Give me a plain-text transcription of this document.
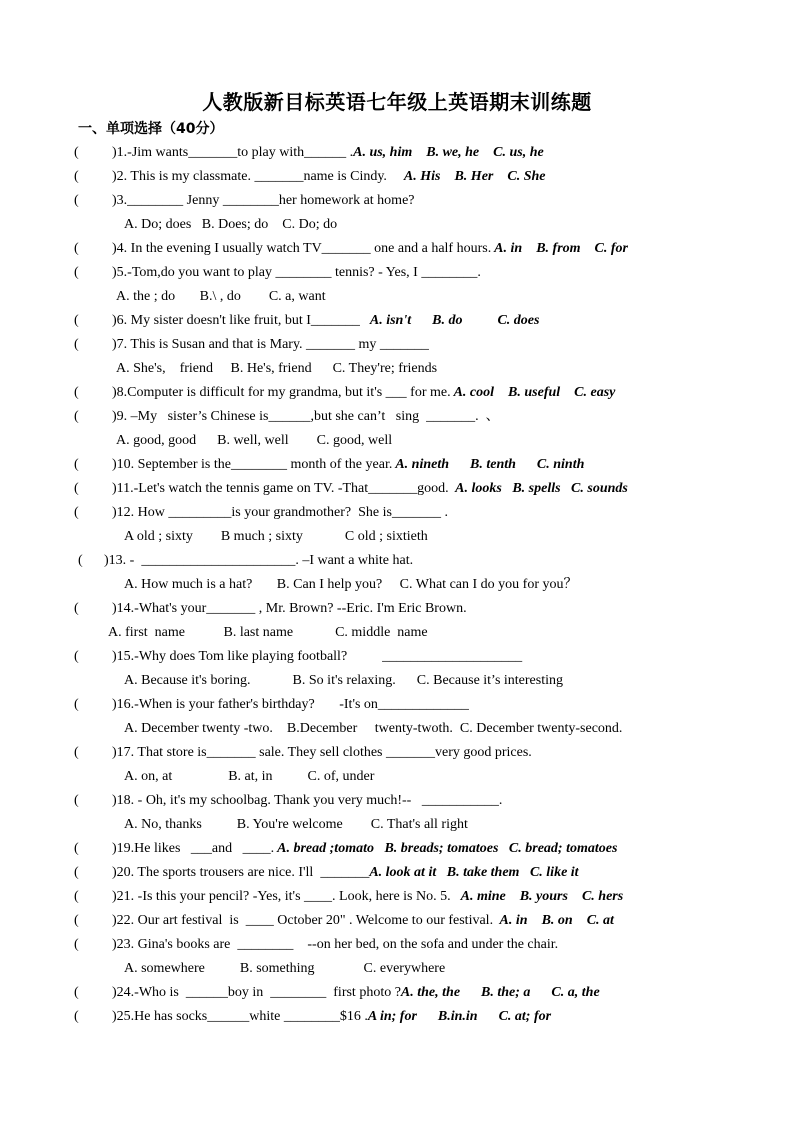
人教版新目标英语七年级上英语期末训练题
一、单项选择（40分）
( )1.-Jim wants_______to play with______ .A. us, him    B. we, he    C. us, he
( )2. This is my classmate. _______name is Cindy.     A. His    B. Her    C. She
( )3.________ Jenny ________her homework at home?
A. Do; does   B. Does; do    C. Do; do
( )4. In the evening I usually watch TV_______ one and a half hours. A. in    B. from    C. for
( )5.-Tom,do you want to play ________ tennis? - Yes, I ________.
A. the ; do       B.\ , do        C. a, want
( )6. My sister doesn't like fruit, but I_______   A. isn't      B. do          C. does
( )7. This is Susan and that is Mary. _______ my _______
A. She's,    friend     B. He's, friend      C. They're; friends
( )8.Computer is difficult for my grandma, but it's ___ for me. A. cool    B. useful    C. easy
( )9. –My   sister’s Chinese is______,but she can’t   sing  _______.  、
A. good, good      B. well, well        C. good, well
( )10. September is the________ month of the year. A. nineth      B. tenth      C. ninth
( )11.-Let's watch the tennis game on TV. -That_______good.  A. looks   B. spells   C. sounds
( )12. How _________is your grandmother?  She is_______ .
A old ; sixty        B much ; sixty            C old ; sixtieth
( )13. -  ______________________. –I want a white hat.
A. How much is a hat?       B. Can I help you?     C. What can I do you for you？
( )14.-What's your_______ , Mr. Brown? --Eric. I'm Eric Brown.
A. first  name           B. last name            C. middle  name
( )15.-Why does Tom like playing football?          ____________________
A. Because it's boring.            B. So it's relaxing.      C. Because it’s interesting
( )16.-When is your father's birthday?       -It's on_____________
A. December twenty -two.    B.December     twenty-twoth.  C. December twenty-second.
( )17. That store is_______ sale. They sell clothes _______very good prices.
A. on, at                B. at, in          C. of, under
( )18. - Oh, it's my schoolbag. Thank you very much!--   ___________.
A. No, thanks          B. You're welcome        C. That's all right
( )19.He likes   ___and   ____. A. bread ;tomato   B. breads; tomatoes   C. bread; tomatoes
( )20. The sports trousers are nice. I'll  _______A. look at it   B. take them   C. like it
( )21. -Is this your pencil? -Yes, it's ____. Look, here is No. 5.   A. mine    B. yours    C. hers
( )22. Our art festival  is  ____ October 20" . Welcome to our festival.  A. in    B. on    C. at
( )23. Gina's books are  ________    --on her bed, on the sofa and under the chair.
A. somewhere          B. something              C. everywhere
( )24.-Who is  ______boy in  ________  first photo ?A. the, the      B. the; a      C. a, the
( )25.He has socks______white ________$16 .A in; for      B.in.in      C. at; for
